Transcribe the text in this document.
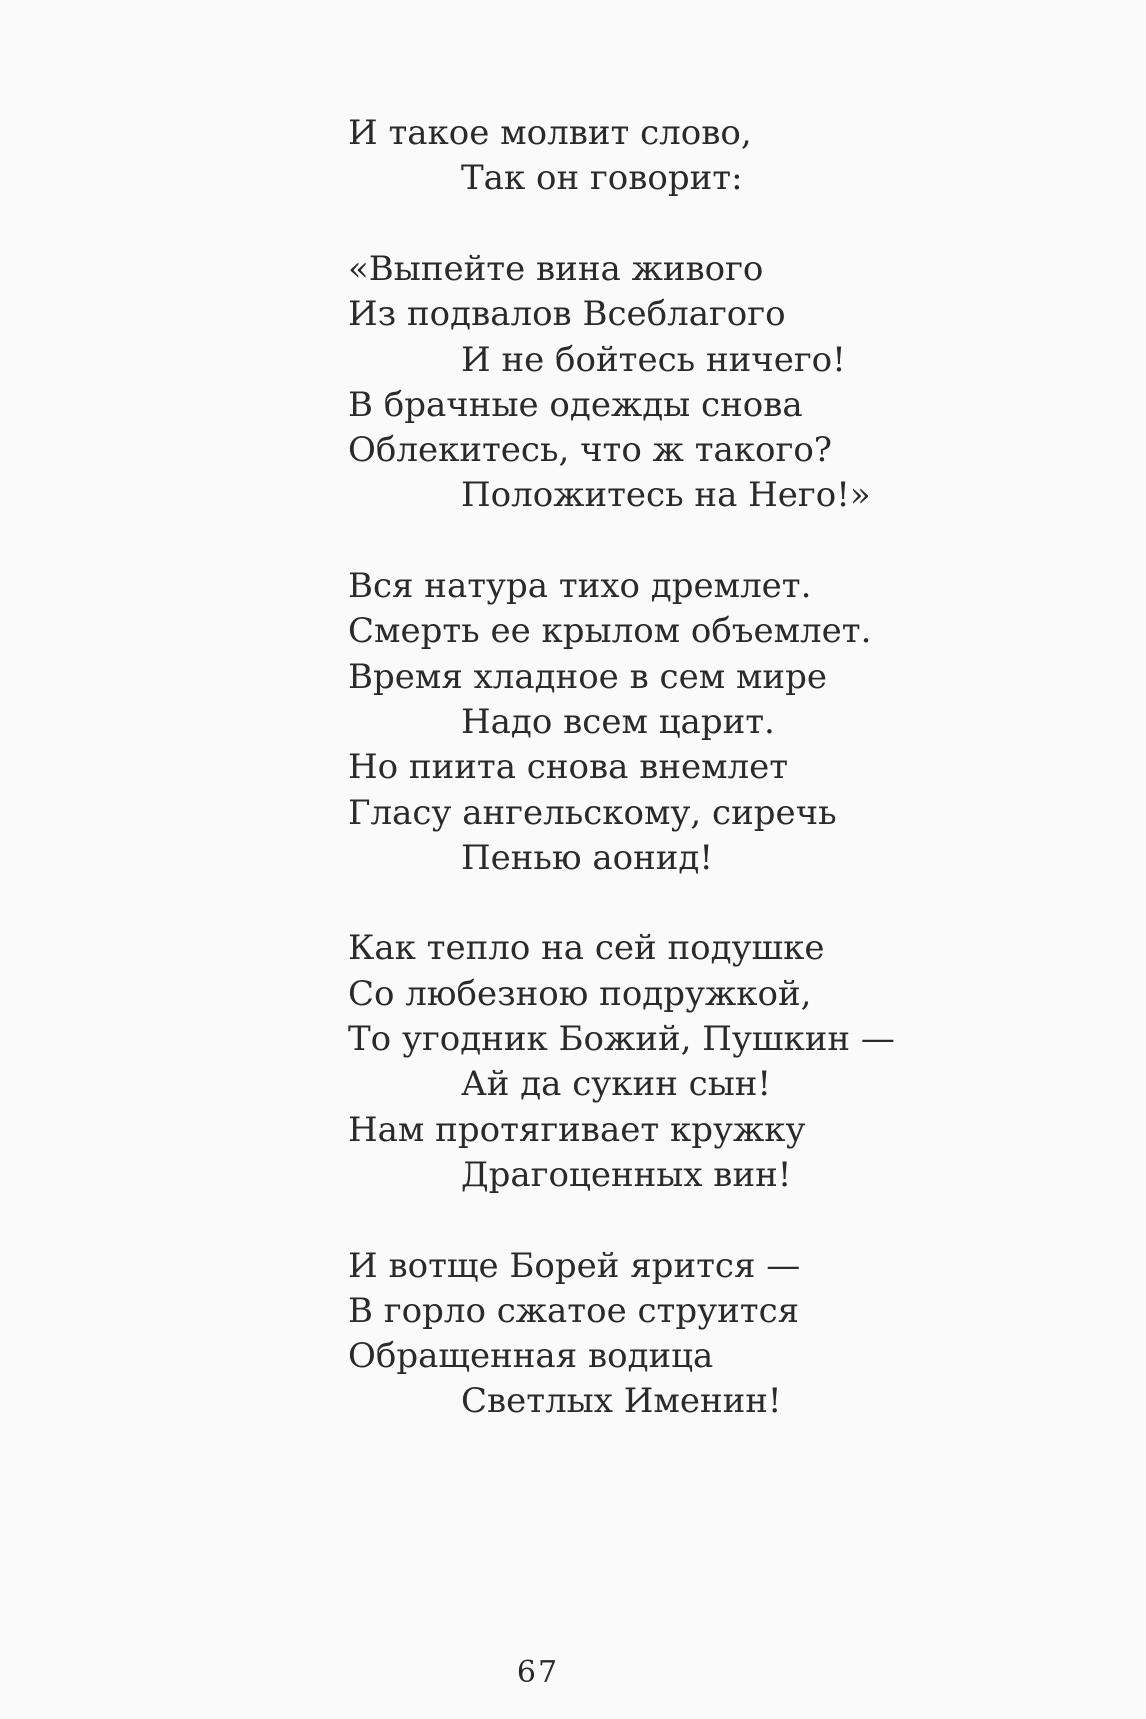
И такое молвит слово,
Так он говорит:
«Выпейте вина живого
Из подвалов Всеблагого
И не бойтесь ничего!
В брачные одежды снова
Облекитесь, что ж такого?
Положитесь на Него!»
Вся натура тихо дремлет.
Смерть ее крылом объемлет.
Время хладное в сем мире
Надо всем царит.
Но пиита снова внемлет
Гласу ангельскому, сиречь
Пенью аонид!
Как тепло на сей подушке
Со любезною подружкой,
То угодник Божий, Пушкин —
Ай да сукин сын!
Нам протягивает кружку
Драгоценных вин!
И вотще Борей ярится —
В горло сжатое струится
Обращенная водица
Светлых Именин!
67
